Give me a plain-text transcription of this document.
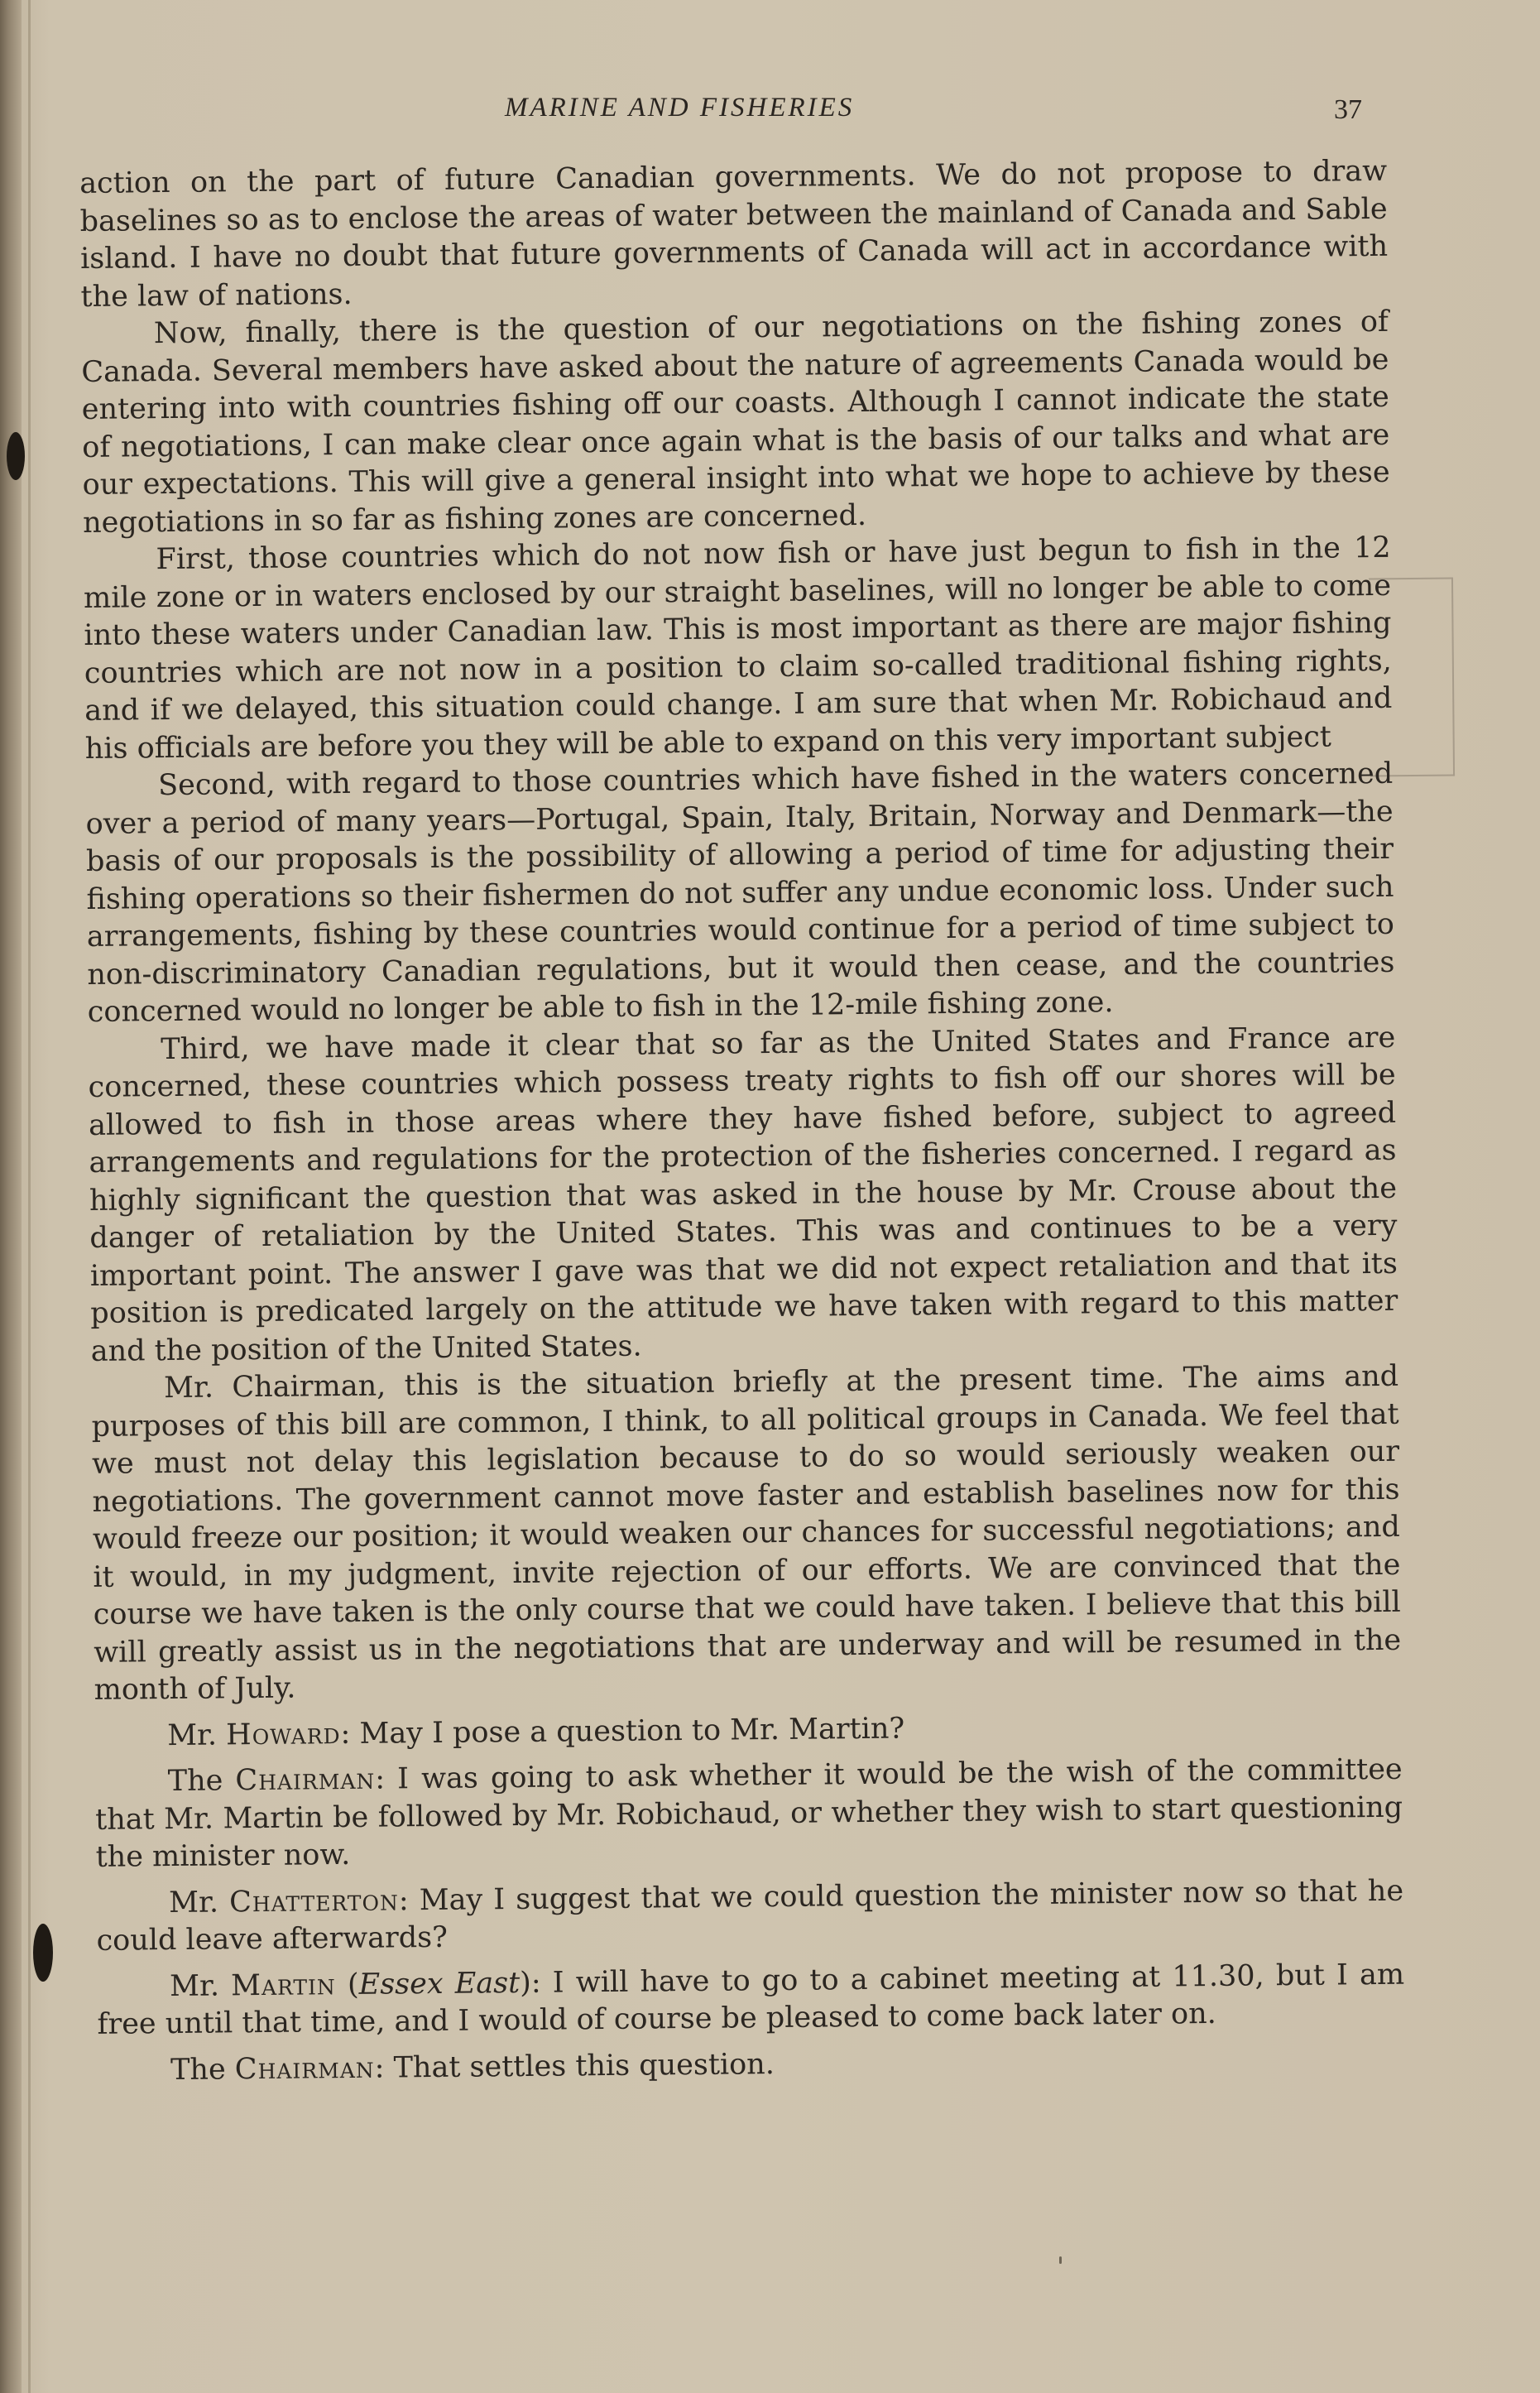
MARINE AND FISHERIES	37

action on the part of future Canadian governments. We do not propose to draw baselines so as to enclose the areas of water between the mainland of Canada and Sable island. I have no doubt that future governments of Canada will act in accordance with the law of nations.

Now, finally, there is the question of our negotiations on the fishing zones of Canada. Several members have asked about the nature of agreements Canada would be entering into with countries fishing off our coasts. Although I cannot indicate the state of negotiations, I can make clear once again what is the basis of our talks and what are our expectations. This will give a general insight into what we hope to achieve by these negotiations in so far as fishing zones are concerned.

First, those countries which do not now fish or have just begun to fish in the 12 mile zone or in waters enclosed by our straight baselines, will no longer be able to come into these waters under Canadian law. This is most important as there are major fishing countries which are not now in a position to claim so-called traditional fishing rights, and if we delayed, this situation could change. I am sure that when Mr. Robichaud and his officials are before you they will be able to expand on this very important subject

Second, with regard to those countries which have fished in the waters concerned over a period of many years—Portugal, Spain, Italy, Britain, Norway and Denmark—the basis of our proposals is the possibility of allowing a period of time for adjusting their fishing operations so their fishermen do not suffer any undue economic loss. Under such arrangements, fishing by these countries would continue for a period of time subject to non-discriminatory Canadian regulations, but it would then cease, and the countries concerned would no longer be able to fish in the 12-mile fishing zone.

Third, we have made it clear that so far as the United States and France are concerned, these countries which possess treaty rights to fish off our shores will be allowed to fish in those areas where they have fished before, subject to agreed arrangements and regulations for the protection of the fisheries concerned. I regard as highly significant the question that was asked in the house by Mr. Crouse about the danger of retaliation by the United States. This was and continues to be a very important point. The answer I gave was that we did not expect retaliation and that its position is predicated largely on the attitude we have taken with regard to this matter and the position of the United States.

Mr. Chairman, this is the situation briefly at the present time. The aims and purposes of this bill are common, I think, to all political groups in Canada. We feel that we must not delay this legislation because to do so would seriously weaken our negotiations. The government cannot move faster and establish baselines now for this would freeze our position; it would weaken our chances for successful negotiations; and it would, in my judgment, invite rejection of our efforts. We are convinced that the course we have taken is the only course that we could have taken. I believe that this bill will greatly assist us in the negotiations that are underway and will be resumed in the month of July.

Mr. Howard: May I pose a question to Mr. Martin?

The Chairman: I was going to ask whether it would be the wish of the committee that Mr. Martin be followed by Mr. Robichaud, or whether they wish to start questioning the minister now.

Mr. Chatterton: May I suggest that we could question the minister now so that he could leave afterwards?

Mr. Martin (Essex East): I will have to go to a cabinet meeting at 11.30, but I am free until that time, and I would of course be pleased to come back later on.

The Chairman: That settles this question.
